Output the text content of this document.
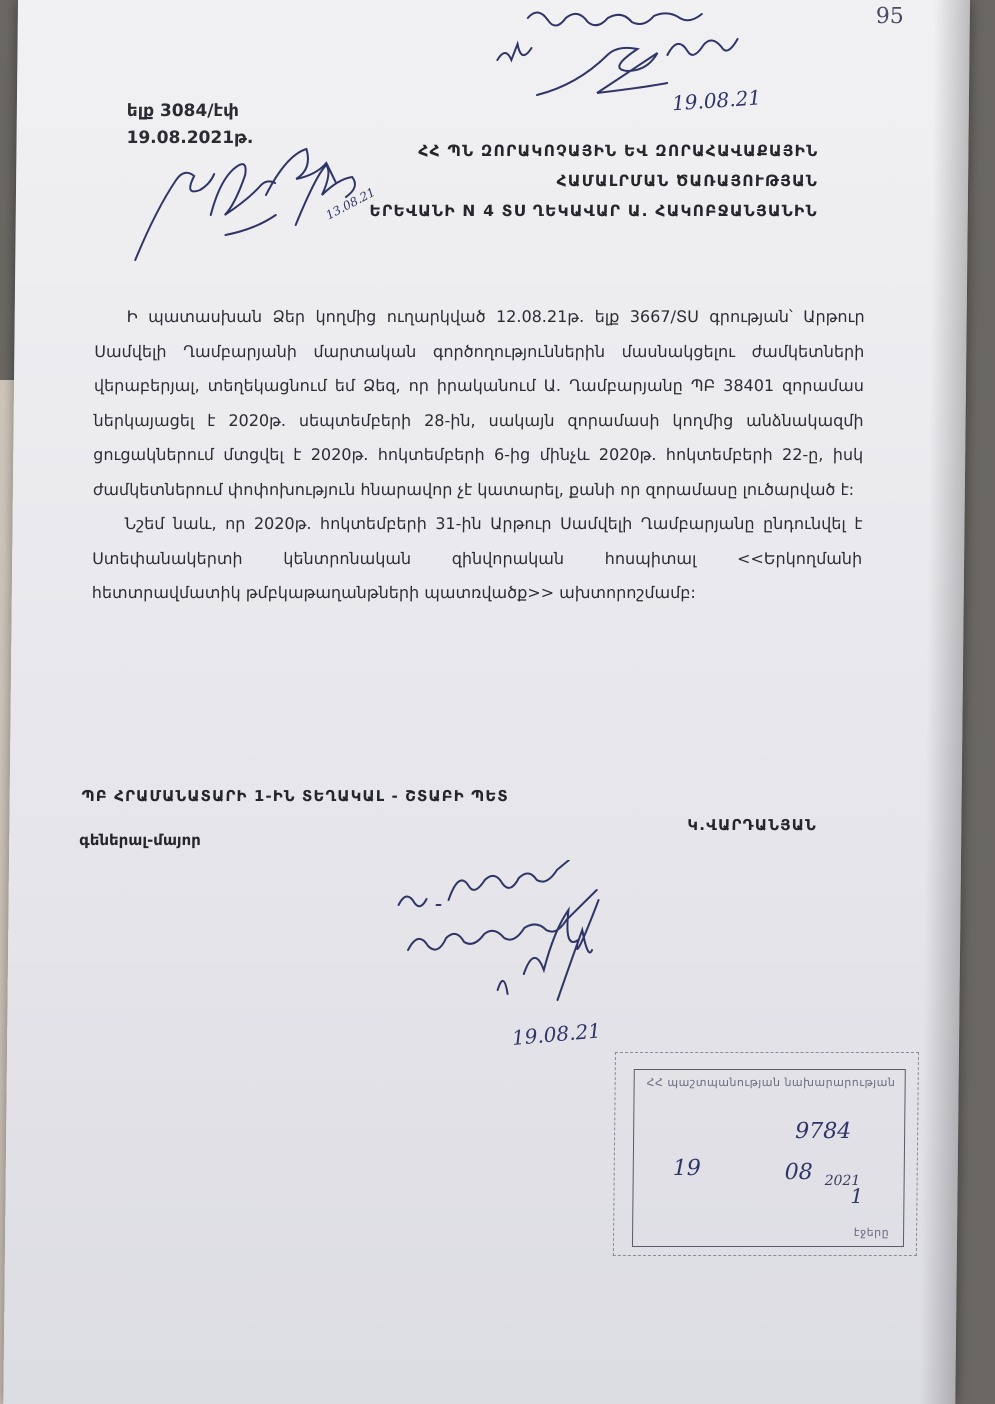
95
ելք 3084/էփ
19.08.2021թ.
ՀՀ ՊՆ ԶՈՐԱԿՈՉԱՅԻՆ ԵՎ ԶՈՐԱՀԱՎԱՔԱՅԻՆ
ՀԱՄԱԼՐՄԱՆ ԾԱՌԱՅՈՒԹՅԱՆ
ԵՐԵՎԱՆԻ N 4 ՏՍ ՂԵԿԱՎԱՐ Ա. ՀԱԿՈԲՋԱՆՅԱՆԻՆ

Ի պատասխան Ձեր կողմից ուղարկված 12.08.21թ. ելք 3667/ՏՍ գրության՝ Արթուր Սամվելի Ղամբարյանի մարտական գործողություններին մասնակցելու ժամկետների վերաբերյալ, տեղեկացնում եմ Ձեզ, որ իրականում Ա. Ղամբարյանը ՊԲ 38401 զորամաս ներկայացել է 2020թ. սեպտեմբերի 28-ին, սակայն զորամասի կողմից անձնակազմի ցուցակներում մտցվել է 2020թ. հոկտեմբերի 6-ից մինչև 2020թ. հոկտեմբերի 22-ը, իսկ ժամկետներում փոփոխություն հնարավոր չէ կատարել, քանի որ զորամասը լուծարված է:

Նշեմ նաև, որ 2020թ. հոկտեմբերի 31-ին Արթուր Սամվելի Ղամբարյանը ընդունվել է Ստեփանակերտի կենտրոնական զինվորական հոսպիտալ <<Երկողմանի հետտրավմատիկ թմբկաթաղանթների պատռվածք>> ախտորոշմամբ:

ՊԲ ՀՐԱՄԱՆԱՏԱՐԻ 1-ԻՆ ՏԵՂԱԿԱԼ - ՇՏԱԲԻ ՊԵՏ
գեներալ-մայոր
Կ.ՎԱՐԴԱՆՅԱՆ
19.08.21
13.08.21
19.08.21
ՀՀ պաշտպանության նախարարության
էջերը
9784
19	08 2021
1
